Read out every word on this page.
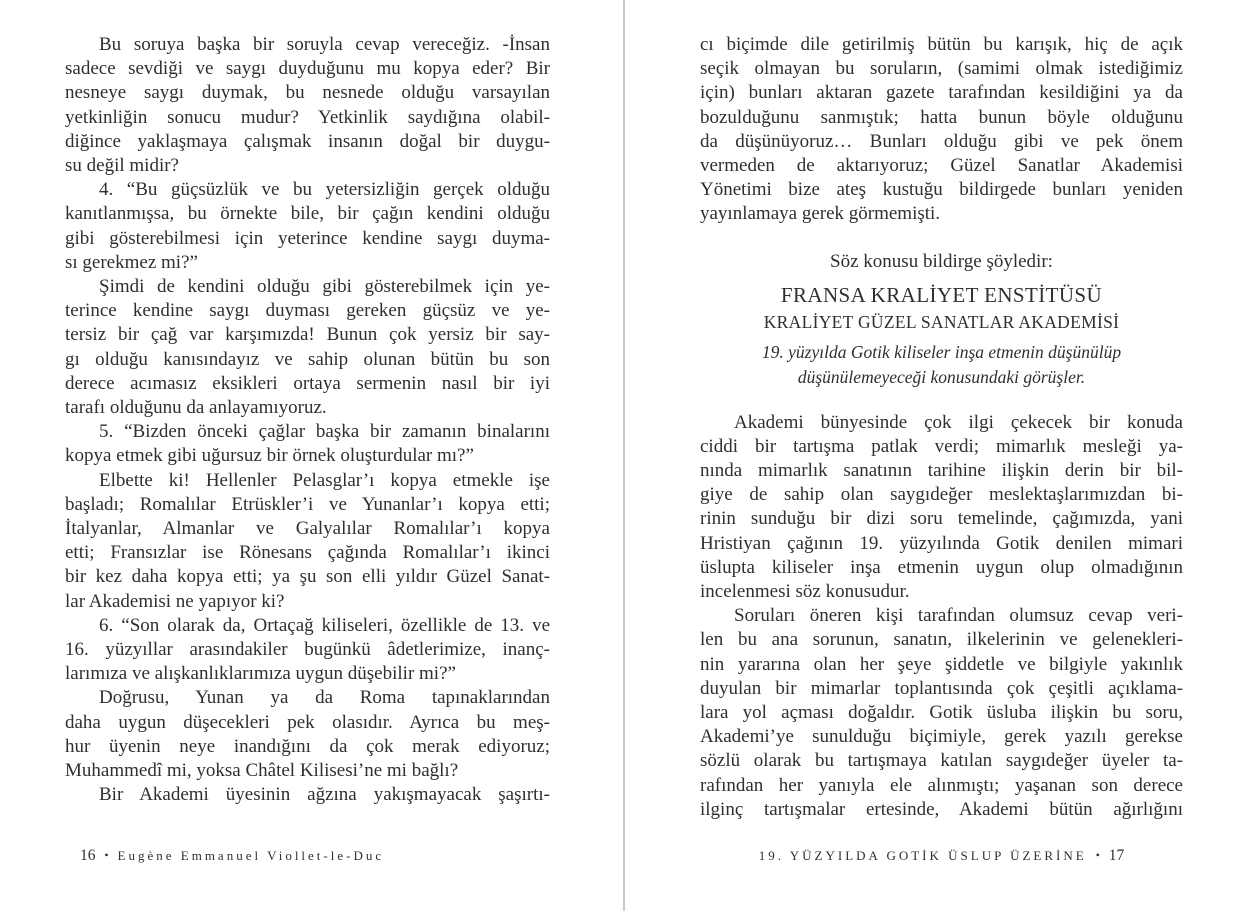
Bu soruya başka bir soruyla cevap vereceğiz. -İnsan
sadece sevdiği ve saygı duyduğunu mu kopya eder? Bir
nesneye saygı duymak, bu nesnede olduğu varsayılan
yetkinliğin sonucu mudur? Yetkinlik saydığına olabil-
diğince yaklaşmaya çalışmak insanın doğal bir duygu-
su değil midir?
4. “Bu güçsüzlük ve bu yetersizliğin gerçek olduğu
kanıtlanmışsa, bu örnekte bile, bir çağın kendini olduğu
gibi gösterebilmesi için yeterince kendine saygı duyma-
sı gerekmez mi?”
Şimdi de kendini olduğu gibi gösterebilmek için ye-
terince kendine saygı duyması gereken güçsüz ve ye-
tersiz bir çağ var karşımızda! Bunun çok yersiz bir say-
gı olduğu kanısındayız ve sahip olunan bütün bu son
derece acımasız eksikleri ortaya sermenin nasıl bir iyi
tarafı olduğunu da anlayamıyoruz.
5. “Bizden önceki çağlar başka bir zamanın binalarını
kopya etmek gibi uğursuz bir örnek oluşturdular mı?”
Elbette ki! Hellenler Pelasglar’ı kopya etmekle işe
başladı; Romalılar Etrüskler’i ve Yunanlar’ı kopya etti;
İtalyanlar, Almanlar ve Galyalılar Romalılar’ı kopya
etti; Fransızlar ise Rönesans çağında Romalılar’ı ikinci
bir kez daha kopya etti; ya şu son elli yıldır Güzel Sanat-
lar Akademisi ne yapıyor ki?
6. “Son olarak da, Ortaçağ kiliseleri, özellikle de 13. ve
16. yüzyıllar arasındakiler bugünkü âdetlerimize, inanç-
larımıza ve alışkanlıklarımıza uygun düşebilir mi?”
Doğrusu, Yunan ya da Roma tapınaklarından
daha uygun düşecekleri pek olasıdır. Ayrıca bu meş-
hur üyenin neye inandığını da çok merak ediyoruz;
Muhammedî mi, yoksa Châtel Kilisesi’ne mi bağlı?
Bir Akademi üyesinin ağzına yakışmayacak şaşırtı-
16 • Eugène Emmanuel Viollet-le-Duc
cı biçimde dile getirilmiş bütün bu karışık, hiç de açık
seçik olmayan bu soruların, (samimi olmak istediğimiz
için) bunları aktaran gazete tarafından kesildiğini ya da
bozulduğunu sanmıştık; hatta bunun böyle olduğunu
da düşünüyoruz… Bunları olduğu gibi ve pek önem
vermeden de aktarıyoruz; Güzel Sanatlar Akademisi
Yönetimi bize ateş kustuğu bildirgede bunları yeniden
yayınlamaya gerek görmemişti.
Söz konusu bildirge şöyledir:
FRANSA KRALİYET ENSTİTÜSÜ
KRALİYET GÜZEL SANATLAR AKADEMİSİ
19. yüzyılda Gotik kiliseler inşa etmenin düşünülüp
düşünülemeyeceği konusundaki görüşler.
Akademi bünyesinde çok ilgi çekecek bir konuda
ciddi bir tartışma patlak verdi; mimarlık mesleği ya-
nında mimarlık sanatının tarihine ilişkin derin bir bil-
giye de sahip olan saygıdeğer meslektaşlarımızdan bi-
rinin sunduğu bir dizi soru temelinde, çağımızda, yani
Hristiyan çağının 19. yüzyılında Gotik denilen mimari
üslupta kiliseler inşa etmenin uygun olup olmadığının
incelenmesi söz konusudur.
Soruları öneren kişi tarafından olumsuz cevap veri-
len bu ana sorunun, sanatın, ilkelerinin ve gelenekleri-
nin yararına olan her şeye şiddetle ve bilgiyle yakınlık
duyulan bir mimarlar toplantısında çok çeşitli açıklama-
lara yol açması doğaldır. Gotik üsluba ilişkin bu soru,
Akademi’ye sunulduğu biçimiyle, gerek yazılı gerekse
sözlü olarak bu tartışmaya katılan saygıdeğer üyeler ta-
rafından her yanıyla ele alınmıştı; yaşanan son derece
ilginç tartışmalar ertesinde, Akademi bütün ağırlığını
19. YÜZYILDA GOTİK ÜSLUP ÜZERİNE • 17
